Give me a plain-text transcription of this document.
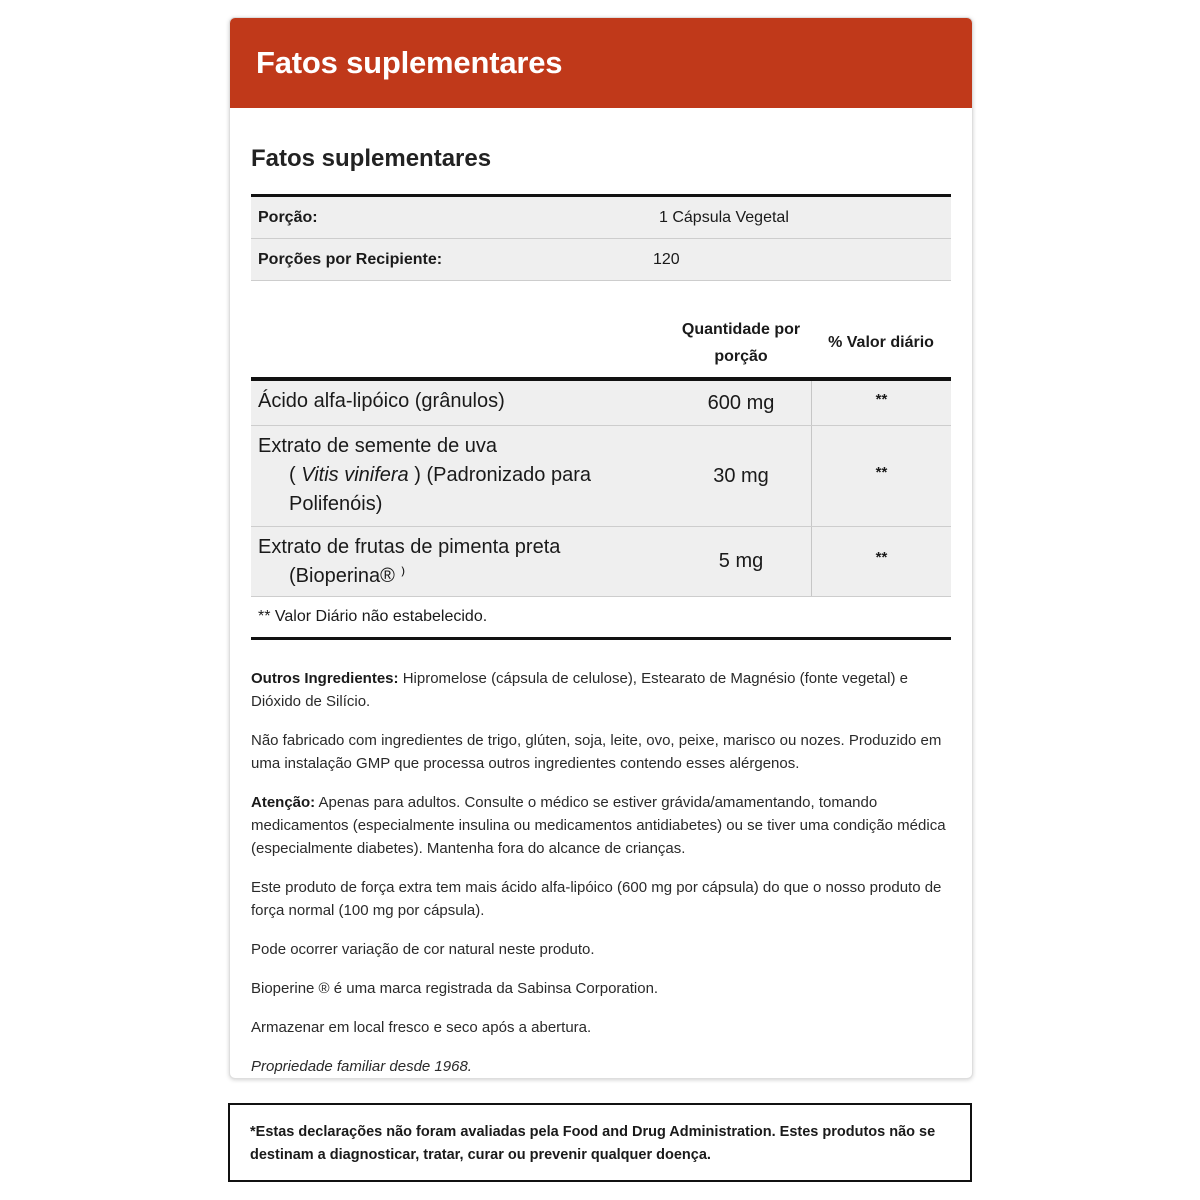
Fatos suplementares
Fatos suplementares
Porção:	1 Cápsula Vegetal
Porções por Recipiente:	120
Quantidade por porção
% Valor diário
Ácido alfa-lipóico (grânulos)	600 mg	**
Extrato de semente de uva
( Vitis vinifera ) (Padronizado para Polifenóis)
30 mg	**
Extrato de frutas de pimenta preta
(Bioperina® ⁾
5 mg	**
** Valor Diário não estabelecido.

Outros Ingredientes: Hipromelose (cápsula de celulose), Estearato de Magnésio (fonte vegetal) e Dióxido de Silício.

Não fabricado com ingredientes de trigo, glúten, soja, leite, ovo, peixe, marisco ou nozes. Produzido em uma instalação GMP que processa outros ingredientes contendo esses alérgenos.

Atenção: Apenas para adultos. Consulte o médico se estiver grávida/amamentando, tomando medicamentos (especialmente insulina ou medicamentos antidiabetes) ou se tiver uma condição médica (especialmente diabetes). Mantenha fora do alcance de crianças.

Este produto de força extra tem mais ácido alfa-lipóico (600 mg por cápsula) do que o nosso produto de força normal (100 mg por cápsula).

Pode ocorrer variação de cor natural neste produto.

Bioperine ® é uma marca registrada da Sabinsa Corporation.

Armazenar em local fresco e seco após a abertura.

Propriedade familiar desde 1968.

*Estas declarações não foram avaliadas pela Food and Drug Administration. Estes produtos não se destinam a diagnosticar, tratar, curar ou prevenir qualquer doença.
